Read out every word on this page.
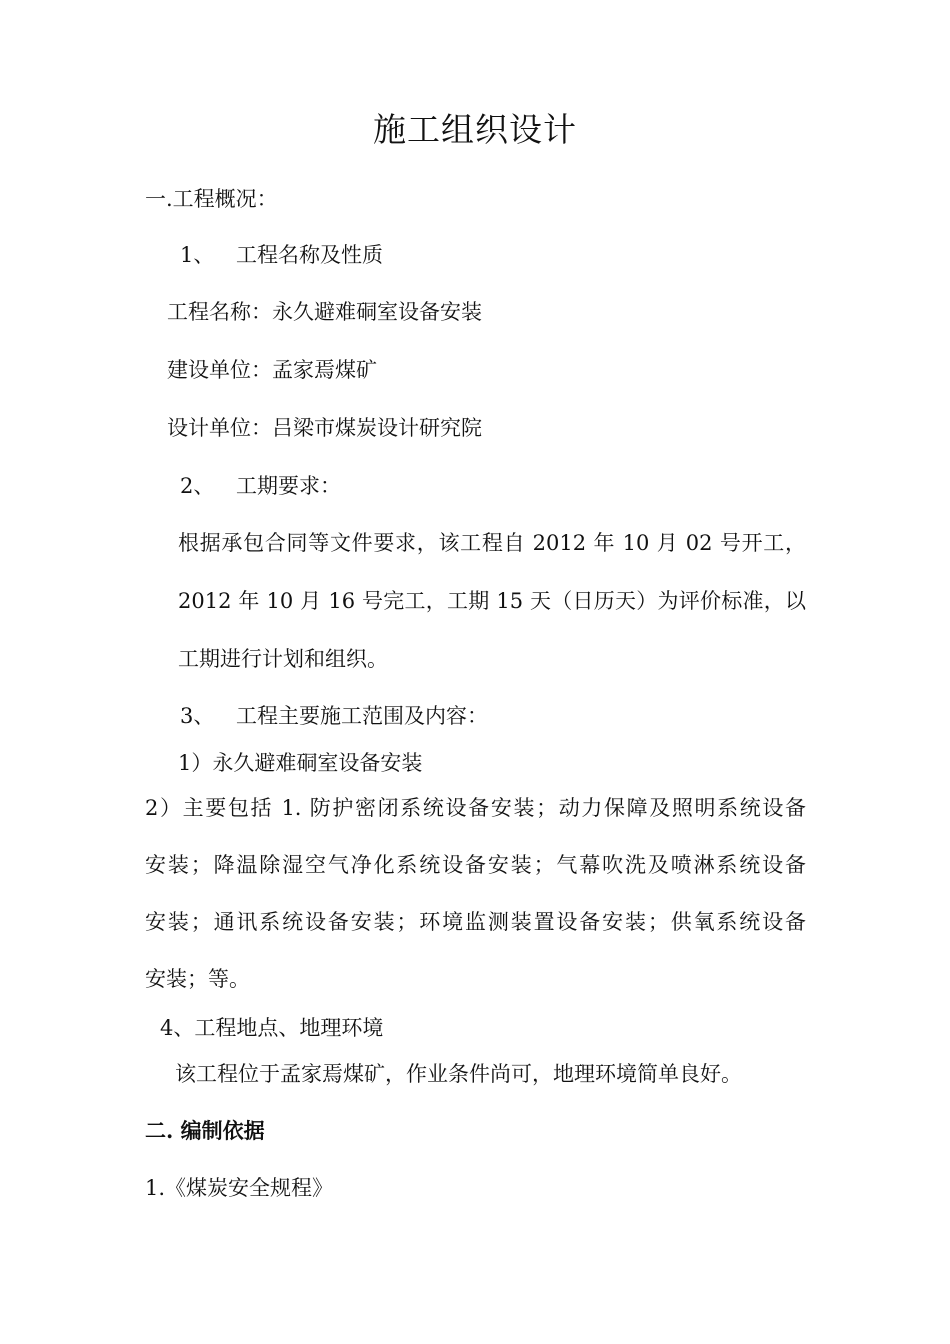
施工组织设计
一.工程概况：
1、 工程名称及性质
工程名称：永久避难硐室设备安装
建设单位：孟家焉煤矿
设计单位：吕梁市煤炭设计研究院
2、 工期要求：
根据承包合同等文件要求，该工程自 2012 年 10 月 02 号开工，
2012 年 10 月 16 号完工，工期 15 天（日历天）为评价标准，以
工期进行计划和组织。
3、 工程主要施工范围及内容：
1）永久避难硐室设备安装
2）主要包括 1. 防护密闭系统设备安装；动力保障及照明系统设备
安装；降温除湿空气净化系统设备安装；气幕吹洗及喷淋系统设备
安装；通讯系统设备安装；环境监测装置设备安装；供氧系统设备
安装；等。
4、工程地点、地理环境
该工程位于孟家焉煤矿，作业条件尚可，地理环境简单良好。
二. 编制依据
1.《煤炭安全规程》
